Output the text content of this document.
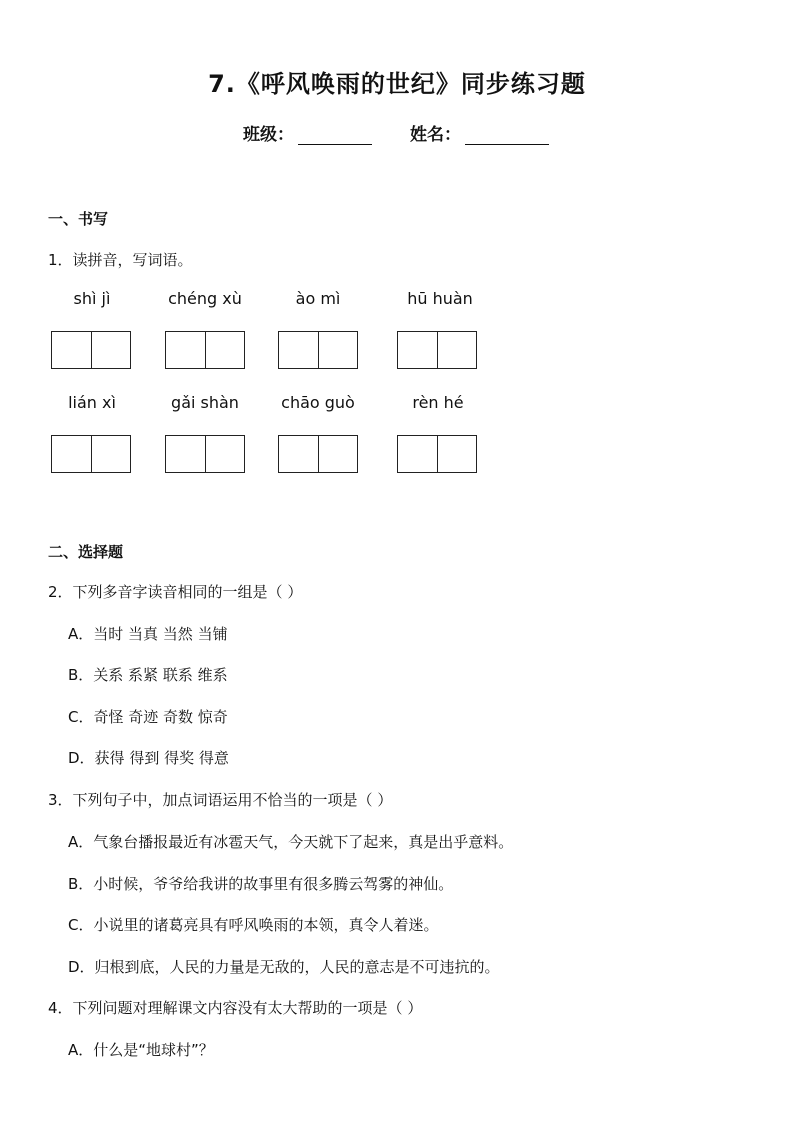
7.《呼风唤雨的世纪》同步练习题
班级：	姓名：
一、书写
1．读拼音，写词语。
shì jì	chéng xù	ào mì	hū huàn
lián xì	gǎi shàn	chāo guò	rèn hé
二、选择题
2．下列多音字读音相同的一组是（ ）
A．当时 当真 当然 当铺
B．关系 系紧 联系 维系
C．奇怪 奇迹 奇数 惊奇
D．获得 得到 得奖 得意
3．下列句子中，加点词语运用不恰当的一项是（ ）
A．气象台播报最近有冰雹天气，今天就下了起来，真是出乎意料。
B．小时候，爷爷给我讲的故事里有很多腾云驾雾的神仙。
C．小说里的诸葛亮具有呼风唤雨的本领，真令人着迷。
D．归根到底，人民的力量是无敌的，人民的意志是不可违抗的。
4．下列问题对理解课文内容没有太大帮助的一项是（ ）
A．什么是“地球村”？
